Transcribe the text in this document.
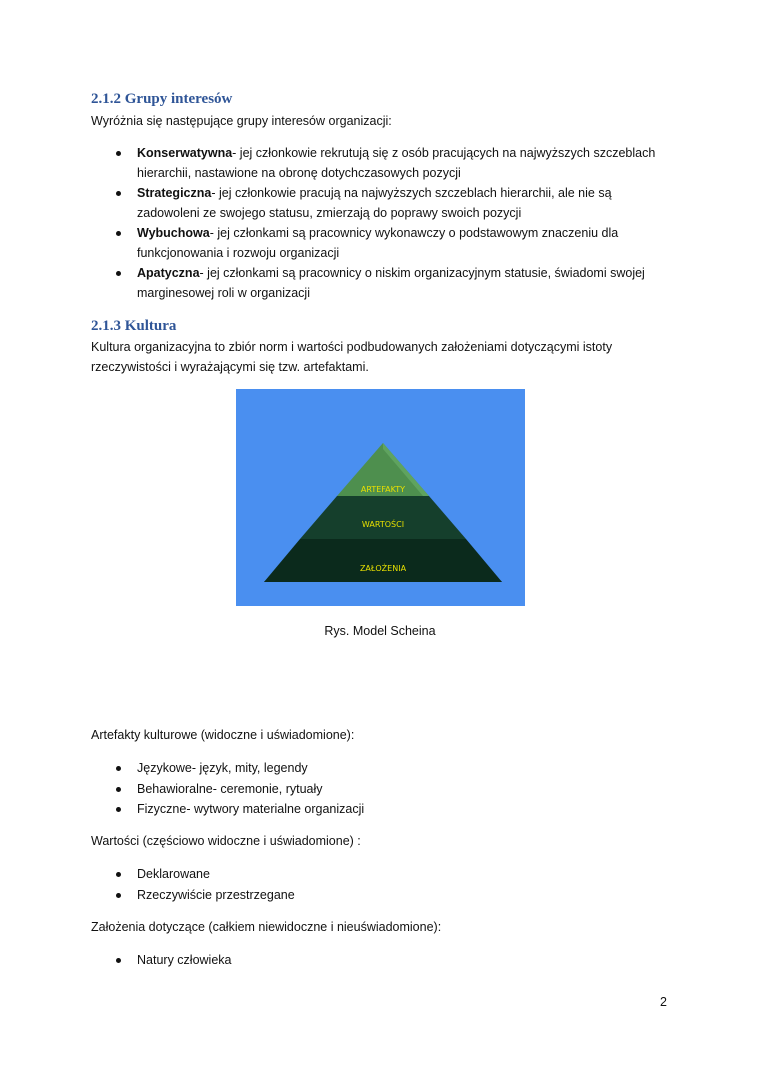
2.1.2 Grupy interesów
Wyróżnia się następujące grupy interesów organizacji:
Konserwatywna- jej członkowie rekrutują się z osób pracujących na najwyższych szczeblach
hierarchii, nastawione na obronę dotychczasowych pozycji
Strategiczna- jej członkowie pracują na najwyższych szczeblach hierarchii, ale nie są
zadowoleni ze swojego statusu, zmierzają do poprawy swoich pozycji
Wybuchowa- jej członkami są pracownicy wykonawczy o podstawowym znaczeniu dla
funkcjonowania i rozwoju organizacji
Apatyczna- jej członkami są pracownicy o niskim organizacyjnym statusie, świadomi swojej
marginesowej roli w organizacji
2.1.3 Kultura
Kultura organizacyjna to zbiór norm i wartości podbudowanych założeniami dotyczącymi istoty
rzeczywistości i wyrażającymi się tzw. artefaktami.
ARTEFAKTY
WARTOŚCI
ZAŁOŻENIA
Rys. Model Scheina
Artefakty kulturowe (widoczne i uświadomione):
Językowe- język, mity, legendy
Behawioralne- ceremonie, rytuały
Fizyczne- wytwory materialne organizacji
Wartości (częściowo widoczne i uświadomione) :
Deklarowane
Rzeczywiście przestrzegane
Założenia dotyczące (całkiem niewidoczne i nieuświadomione):
Natury człowieka
2
